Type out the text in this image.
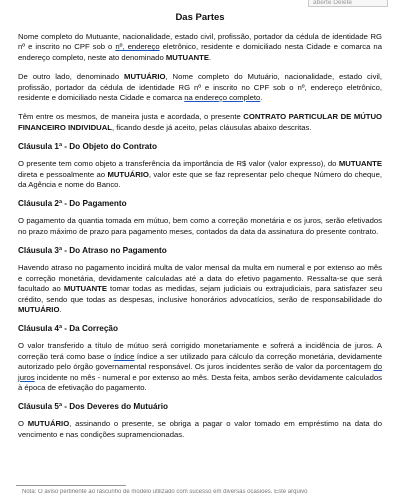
aberte Delete
Das Partes

Nome completo do Mutuante, nacionalidade, estado civil, profissão, portador da cédula de identidade RG nº e inscrito no CPF sob o nº, endereço eletrônico, residente e domiciliado nesta Cidade e comarca na endereço completo, neste ato denominado MUTUANTE.

De outro lado, denominado MUTUÁRIO, Nome completo do Mutuário, nacionalidade, estado civil, profissão, portador da cédula de identidade RG nº e inscrito no CPF sob o nº, endereço eletrônico, residente e domiciliado nesta Cidade e comarca na endereço completo.

Têm entre os mesmos, de maneira justa e acordada, o presente CONTRATO PARTICULAR DE MÚTUO FINANCEIRO INDIVIDUAL, ficando desde já aceito, pelas cláusulas abaixo descritas.

Cláusula 1ª - Do Objeto do Contrato

O presente tem como objeto a transferência da importância de R$ valor (valor expresso), do MUTUANTE direta e pessoalmente ao MUTUÁRIO, valor este que se faz representar pelo cheque Número do cheque, da Agência e nome do Banco.

Cláusula 2ª - Do Pagamento

O pagamento da quantia tomada em mútuo, bem como a correção monetária e os juros, serão efetivados no prazo máximo de prazo para pagamento meses, contados da data da assinatura do presente contrato.

Cláusula 3ª - Do Atraso no Pagamento

Havendo atraso no pagamento incidirá multa de valor mensal da multa em numeral e por extenso ao mês e correção monetária, devidamente calculadas até a data do efetivo pagamento. Ressalta-se que será facultado ao MUTUANTE tomar todas as medidas, sejam judiciais ou extrajudiciais, para satisfazer seu crédito, sendo que todas as despesas, inclusive honorários advocatícios, serão de responsabilidade do MUTUÁRIO.

Cláusula 4ª - Da Correção

O valor transferido a título de mútuo será corrigido monetariamente e sofrerá a incidência de juros. A correção terá como base o índice índice a ser utilizado para cálculo da correção monetária, devidamente autorizado pelo órgão governamental responsável. Os juros incidentes serão de valor da porcentagem do juros incidente no mês - numeral e por extenso ao mês. Desta feita, ambos serão devidamente calculados à época de efetivação do pagamento.

Cláusula 5ª - Dos Deveres do Mutuário

O MUTUÁRIO, assinando o presente, se obriga a pagar o valor tomado em empréstimo na data do vencimento e nas condições supramencionadas.

Nota: O aviso pertinente ao rascunho de modelo utilizado com sucesso em diversas ocasiões. Este arquivo
